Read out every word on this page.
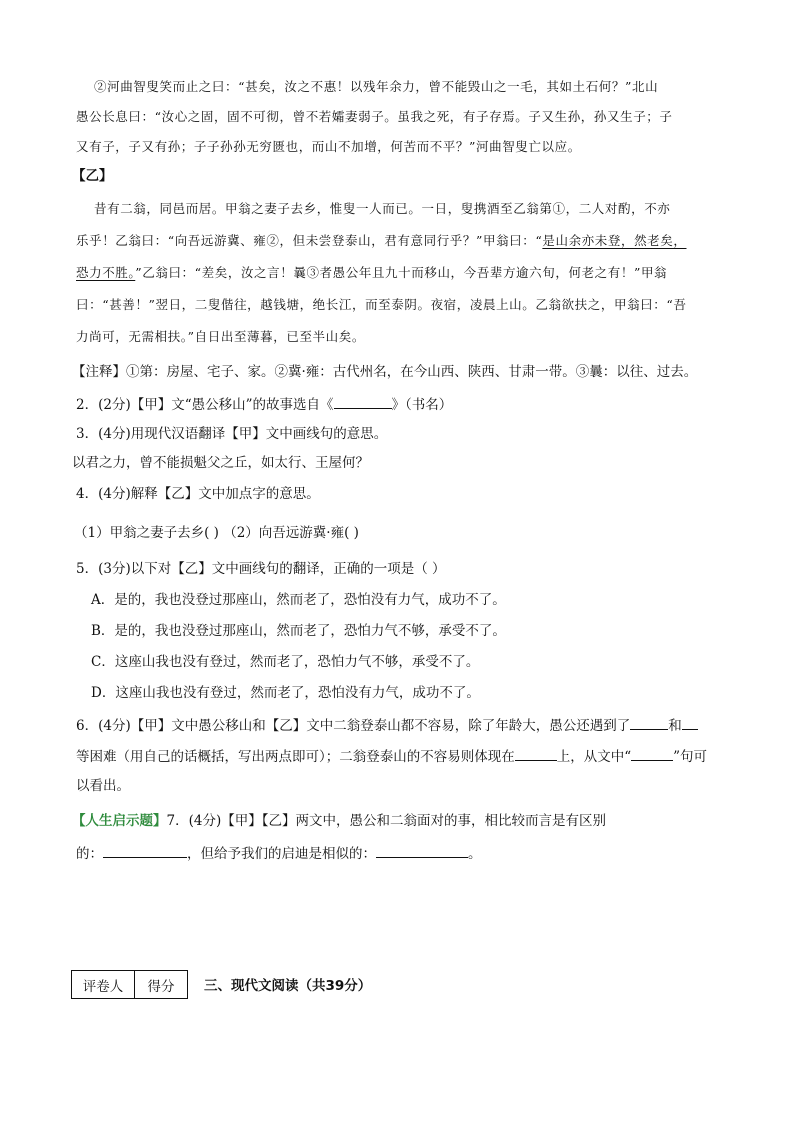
②河曲智叟笑而止之曰：“甚矣，汝之不惠！以残年余力，曾不能毁山之一毛，其如土石何？”北山
愚公长息曰：“汝心之固，固不可彻，曾不若孀妻弱子。虽我之死，有子存焉。子又生孙，孙又生子；子
又有子，子又有孙；子子孙孙无穷匮也，而山不加增，何苦而不平？”河曲智叟亡以应。
【乙】
昔有二翁，同邑而居。甲翁之妻子去乡，惟叟一人而已。一日，叟携酒至乙翁第①，二人对酌，不亦
乐乎！乙翁曰：“向吾远游冀、雍②，但未尝登泰山，君有意同行乎？”甲翁曰：“是山余亦未登，然老矣，
恐力不胜。”乙翁曰：“差矣，汝之言！曩③者愚公年且九十而移山，今吾辈方逾六旬，何老之有！”甲翁
曰：“甚善！”翌日，二叟偕往，越钱塘，绝长江，而至泰阴。夜宿，凌晨上山。乙翁欲扶之，甲翁曰：“吾
力尚可，无需相扶。”自日出至薄暮，已至半山矣。
【注释】①第：房屋、宅子、家。②冀·雍：古代州名，在今山西、陕西、甘肃一带。③曩：以往、过去。
2．(2分)【甲】文“愚公移山”的故事选自《	》（书名）
3．(4分)用现代汉语翻译【甲】文中画线句的意思。
以君之力，曾不能损魁父之丘，如太行、王屋何？
4．(4分)解释【乙】文中加点字的意思。
（1）甲翁之妻子去乡( ) （2）向吾远游冀·雍( )
5．(3分)以下对【乙】文中画线句的翻译，正确的一项是（ ）
A．是的，我也没登过那座山，然而老了，恐怕没有力气，成功不了。
B．是的，我也没登过那座山，然而老了，恐怕力气不够，承受不了。
C．这座山我也没有登过，然而老了，恐怕力气不够，承受不了。
D．这座山我也没有登过，然而老了，恐怕没有力气，成功不了。
6．(4分)【甲】文中愚公移山和【乙】文中二翁登泰山都不容易，除了年龄大，愚公还遇到了	和
等困难（用自己的话概括，写出两点即可）；二翁登泰山的不容易则体现在	上，从文中“	”句可
以看出。
【人生启示题】7．(4分)【甲】【乙】两文中，愚公和二翁面对的事，相比较而言是有区别
的：	，但给予我们的启迪是相似的：	。
评卷人	得分	三、现代文阅读（共39分）
